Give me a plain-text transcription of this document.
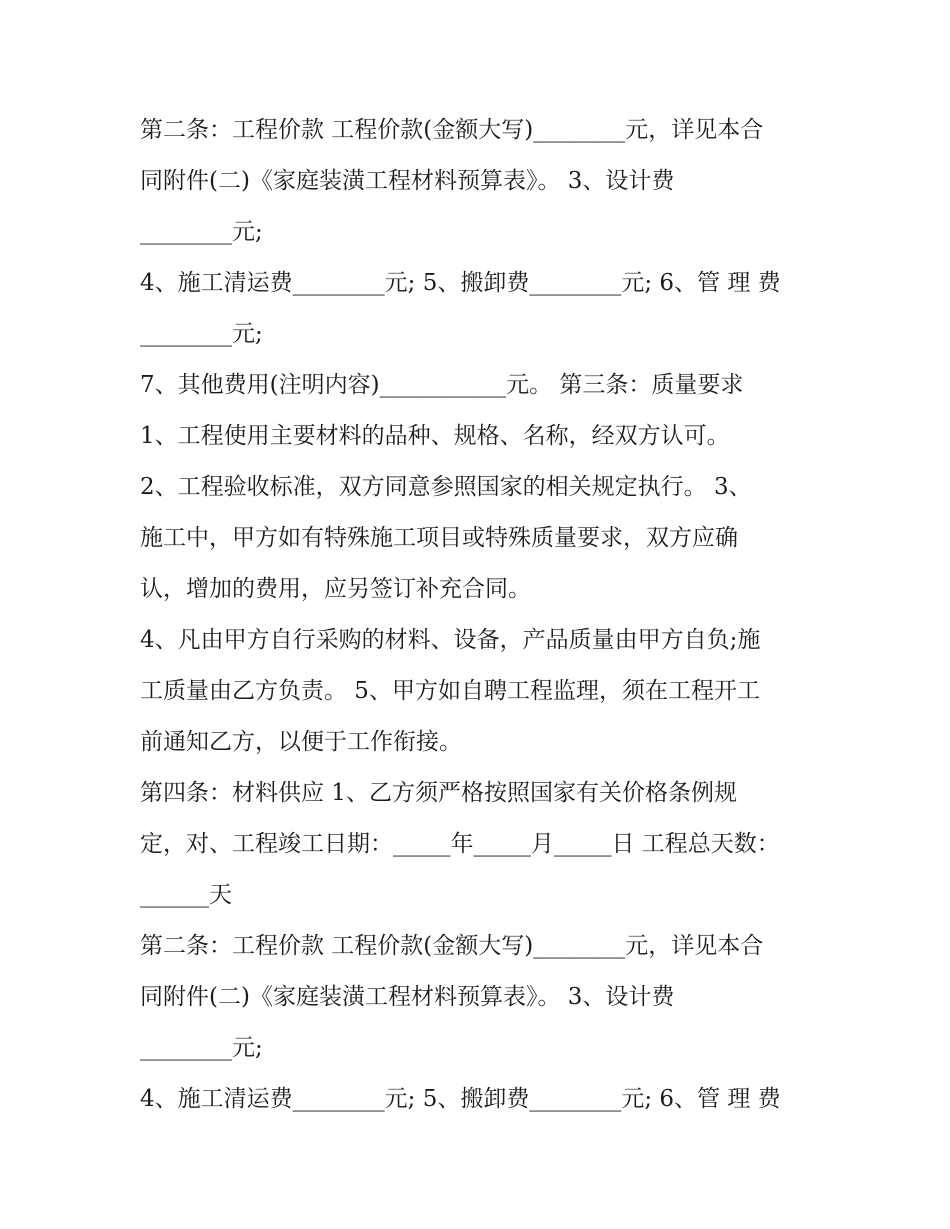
第二条：工程价款 工程价款(金额大写)________元，详见本合
同附件(二)《家庭装潢工程材料预算表》。 3、设计费
________元;
4、施工清运费________元; 5、搬卸费________元; 6、管 理 费
________元;
7、其他费用(注明内容)___________元。 第三条：质量要求
1、工程使用主要材料的品种、规格、名称，经双方认可。
2、工程验收标准，双方同意参照国家的相关规定执行。 3、
施工中，甲方如有特殊施工项目或特殊质量要求，双方应确
认，增加的费用，应另签订补充合同。
4、凡由甲方自行采购的材料、设备，产品质量由甲方自负;施
工质量由乙方负责。 5、甲方如自聘工程监理，须在工程开工
前通知乙方，以便于工作衔接。
第四条：材料供应 1、乙方须严格按照国家有关价格条例规
定，对、工程竣工日期：_____年_____月_____日 工程总天数：
______天
第二条：工程价款 工程价款(金额大写)________元，详见本合
同附件(二)《家庭装潢工程材料预算表》。 3、设计费
________元;
4、施工清运费________元; 5、搬卸费________元; 6、管 理 费
